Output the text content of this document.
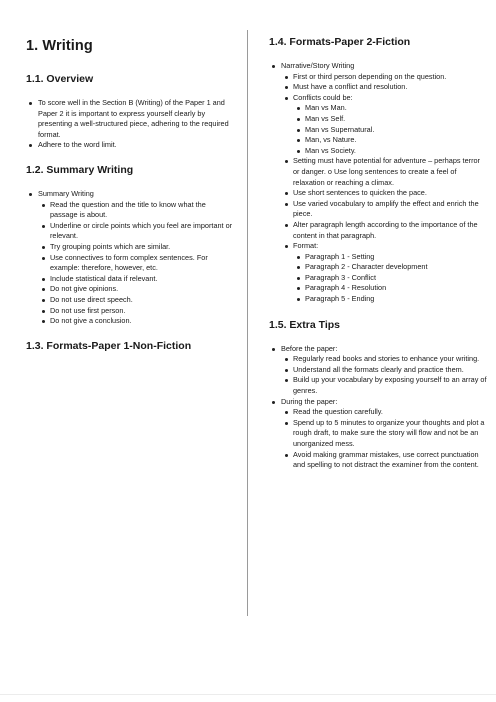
1. Writing
1.1. Overview
To score well in the Section B (Writing) of the Paper 1 and Paper 2 it is important to express yourself clearly by presenting a well-structured piece, adhering to the required format.
Adhere to the word limit.
1.2. Summary Writing
Summary Writing
Read the question and the title to know what the passage is about.
Underline or circle points which you feel are important or relevant.
Try grouping points which are similar.
Use connectives to form complex sentences. For example: therefore, however, etc.
Include statistical data if relevant.
Do not give opinions.
Do not use direct speech.
Do not use first person.
Do not give a conclusion.
1.3. Formats-Paper 1-Non-Fiction
1.4. Formats-Paper 2-Fiction
Narrative/Story Writing
First or third person depending on the question.
Must have a conflict and resolution.
Conflicts could be:
Man vs Man.
Man vs Self.
Man vs Supernatural.
Man, vs Nature.
Man vs Society.
Setting must have potential for adventure – perhaps terror or danger. o Use long sentences to create a feel of relaxation or reaching a climax.
Use short sentences to quicken the pace.
Use varied vocabulary to amplify the effect and enrich the piece.
Alter paragraph length according to the importance of the content in that paragraph.
Format:
Paragraph 1 - Setting
Paragraph 2 - Character development
Paragraph 3 - Conflict
Paragraph 4 - Resolution
Paragraph 5 - Ending
1.5. Extra Tips
Before the paper:
Regularly read books and stories to enhance your writing.
Understand all the formats clearly and practice them.
Build up your vocabulary by exposing yourself to an array of genres.
During the paper:
Read the question carefully.
Spend up to 5 minutes to organize your thoughts and plot a rough draft, to make sure the story will flow and not be an unorganized mess.
Avoid making grammar mistakes, use correct punctuation and spelling to not distract the examiner from the content.
